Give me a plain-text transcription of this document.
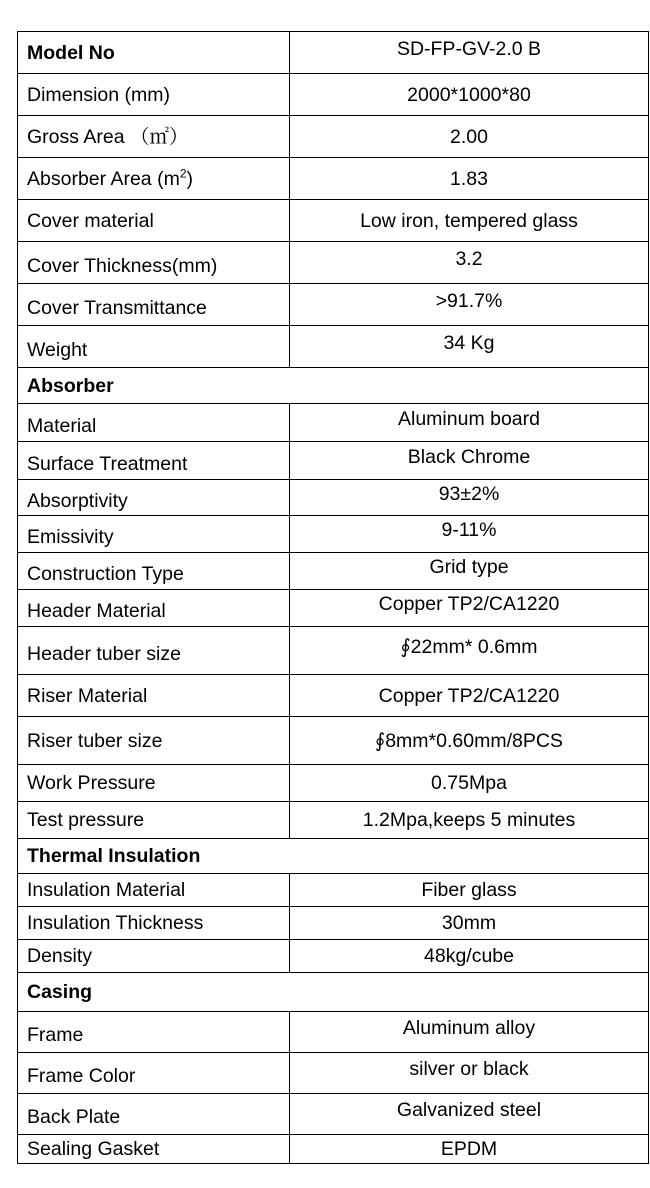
Model No	SD-FP-GV-2.0 B
Dimension (mm)	2000*1000*80
Gross Area （㎡）	2.00
Absorber Area $(m^2)$	1.83
Cover material	Low iron, tempered glass
Cover Thickness(mm)	3.2
Cover Transmittance	>91.7%
Weight	34 Kg
Absorber	
Material	Aluminum board
Surface Treatment	Black Chrome
Absorptivity	93±2%
Emissivity	9-11%
Construction Type	Grid type
Header Material	Copper TP2/CA1220
Header tuber size	∮22mm* 0.6mm
Riser Material	Copper TP2/CA1220
Riser tuber size	∮8mm*0.60mm/8PCS
Work Pressure	0.75Mpa
Test pressure	1.2Mpa,keeps 5 minutes
Thermal Insulation	
Insulation Material	Fiber glass
Insulation Thickness	30mm
Density	48kg/cube
Casing	
Frame	Aluminum alloy
Frame Color	silver or black
Back Plate	Galvanized steel
Sealing Gasket	EPDM
